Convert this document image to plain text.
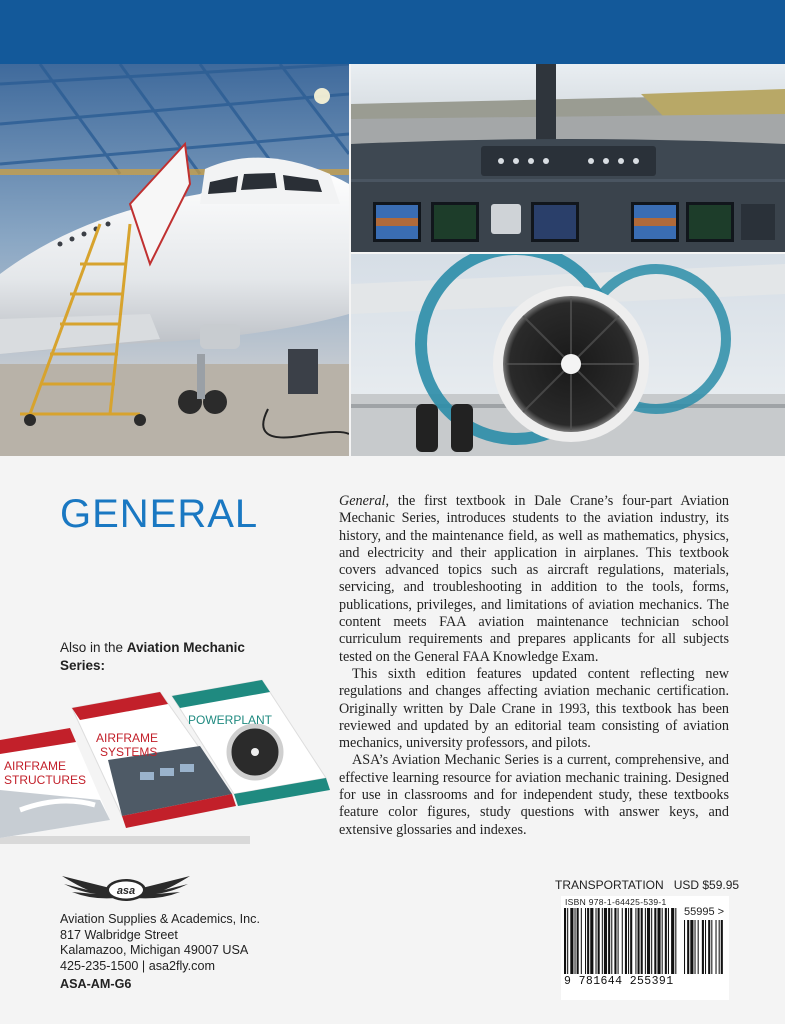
GENERAL	General, the first textbook in Dale Crane’s four-part Aviation Mechanic Series, introduces students to the aviation industry, its history, and the maintenance field, as well as mathematics, physics, and electricity and their application in airplanes. This textbook covers advanced topics such as aircraft regulations, materials, servicing, and troubleshooting in addition to the tools, forms, publications, privileges, and limitations of aviation mechanics. The content meets FAA aviation maintenance technician school curriculum requirements and prepares applicants for all subjects tested on the General FAA Knowledge Exam.

This sixth edition features updated content reflecting new regulations and changes affecting aviation mechanic certification. Originally written by Dale Crane in 1993, this textbook has been reviewed and updated by an editorial team consisting of aviation mechanics, university professors, and pilots.

ASA’s Aviation Mechanic Series is a current, comprehensive, and effective learning resource for aviation mechanic training. Designed for use in classrooms and for independent study, these textbooks feature color figures, study questions with answer keys, and extensive glossaries and indexes.

Also in the Aviation Mechanic Series:
AIRFRAME
STRUCTURES
AIRFRAME
SYSTEMS
POWERPLANT
asa
Aviation Supplies & Academics, Inc.
817 Walbridge Street
Kalamazoo, Michigan 49007 USA
425-235-1500 | asa2fly.com
ASA-AM-G6
TRANSPORTATION USD $59.95
ISBN 978-1-64425-539-1
55995 >
9 781644 255391
